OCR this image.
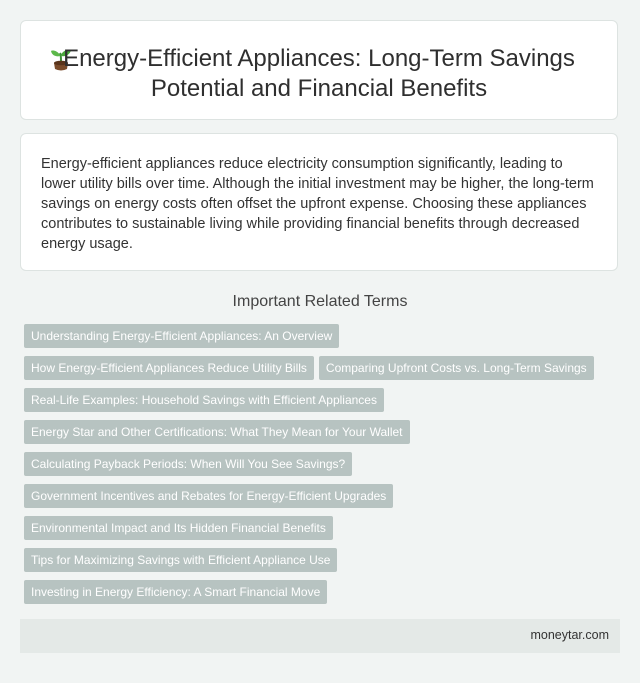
Energy-Efficient Appliances: Long-Term Savings
Potential and Financial Benefits
Energy-efficient appliances reduce electricity consumption significantly, leading to lower utility bills over time. Although the initial investment may be higher, the long-term savings on energy costs often offset the upfront expense. Choosing these appliances contributes to sustainable living while providing financial benefits through decreased energy usage.
Important Related Terms
Understanding Energy-Efficient Appliances: An Overview
How Energy-Efficient Appliances Reduce Utility Bills Comparing Upfront Costs vs. Long-Term Savings
Real-Life Examples: Household Savings with Efficient Appliances
Energy Star and Other Certifications: What They Mean for Your Wallet
Calculating Payback Periods: When Will You See Savings?
Government Incentives and Rebates for Energy-Efficient Upgrades
Environmental Impact and Its Hidden Financial Benefits
Tips for Maximizing Savings with Efficient Appliance Use
Investing in Energy Efficiency: A Smart Financial Move
moneytar.com
